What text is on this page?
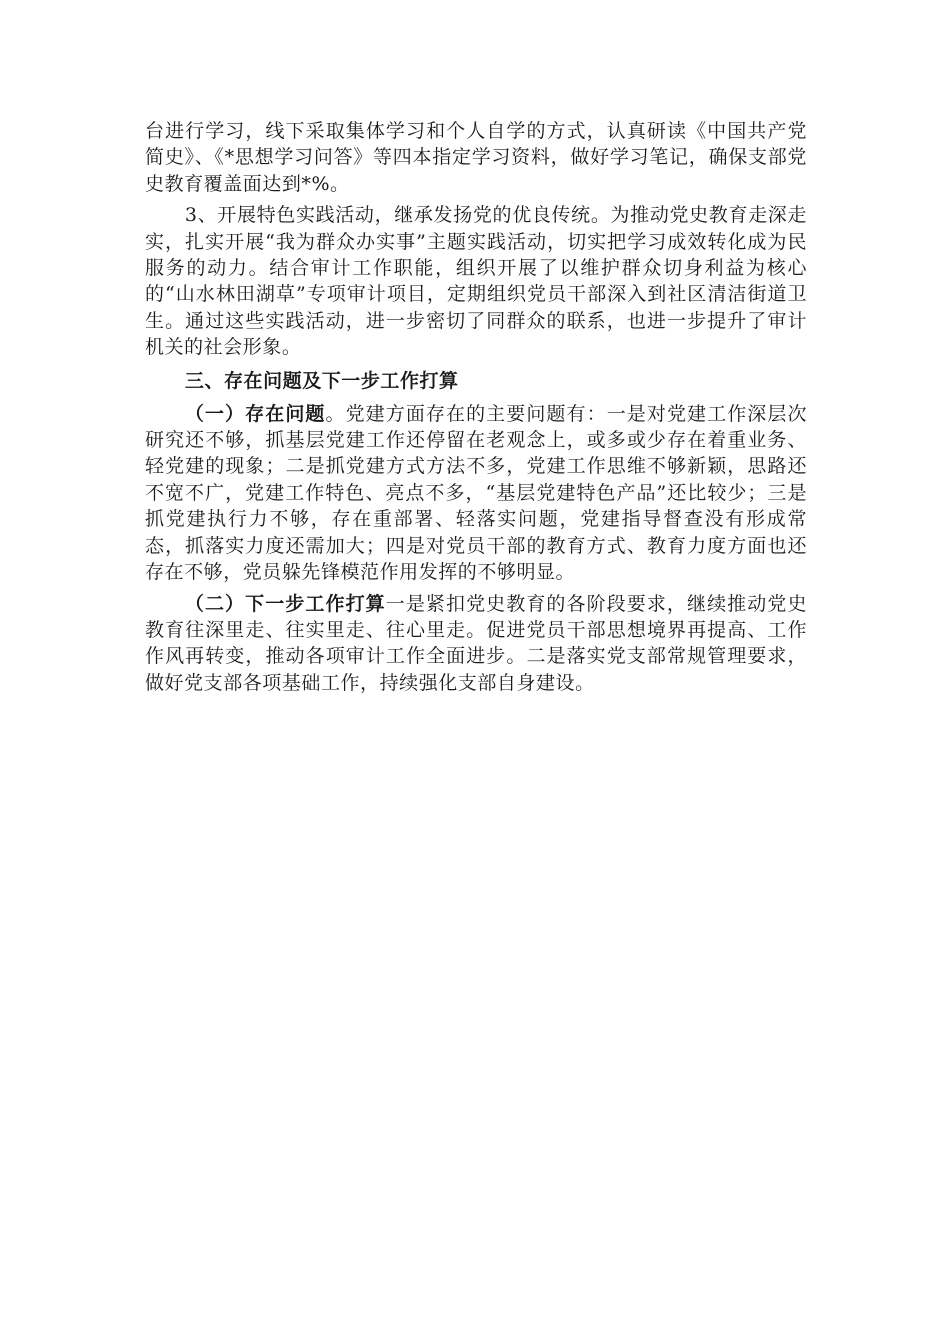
台进行学习，线下采取集体学习和个人自学的方式，认真研读《中国共产党简史》、《*思想学习问答》等四本指定学习资料，做好学习笔记，确保支部党史教育覆盖面达到*%。

3、开展特色实践活动，继承发扬党的优良传统。为推动党史教育走深走实，扎实开展“我为群众办实事”主题实践活动，切实把学习成效转化成为民服务的动力。结合审计工作职能，组织开展了以维护群众切身利益为核心的“山水林田湖草”专项审计项目，定期组织党员干部深入到社区清洁街道卫生。通过这些实践活动，进一步密切了同群众的联系，也进一步提升了审计机关的社会形象。

三、存在问题及下一步工作打算

（一）存在问题。党建方面存在的主要问题有：一是对党建工作深层次研究还不够，抓基层党建工作还停留在老观念上，或多或少存在着重业务、轻党建的现象；二是抓党建方式方法不多，党建工作思维不够新颖，思路还不宽不广，党建工作特色、亮点不多，“基层党建特色产品”还比较少；三是抓党建执行力不够，存在重部署、轻落实问题，党建指导督查没有形成常态，抓落实力度还需加大；四是对党员干部的教育方式、教育力度方面也还存在不够，党员躲先锋模范作用发挥的不够明显。

（二）下一步工作打算一是紧扣党史教育的各阶段要求，继续推动党史教育往深里走、往实里走、往心里走。促进党员干部思想境界再提高、工作作风再转变，推动各项审计工作全面进步。二是落实党支部常规管理要求，做好党支部各项基础工作，持续强化支部自身建设。
